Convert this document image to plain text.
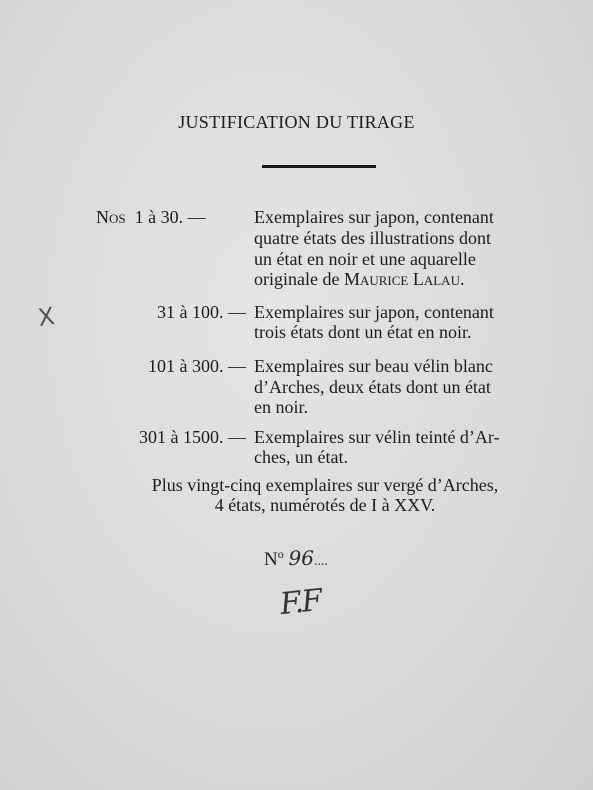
JUSTIFICATION DU TIRAGE
X
Nos 1 à 30. —	Exemplaires sur japon, contenant
quatre états des illustrations dont
un état en noir et une aquarelle
originale de Maurice Lalau.
31 à 100. — Exemplaires sur japon, contenant
trois états dont un état en noir.
101 à 300. — Exemplaires sur beau vélin blanc
d’Arches, deux états dont un état
en noir.
301 à 1500. — Exemplaires sur vélin teinté d’Ar-
ches, un état.
Plus vingt-cinq exemplaires sur vergé d’Arches,
4 états, numérotés de I à XXV.
$N^o$ 96....
F.F
